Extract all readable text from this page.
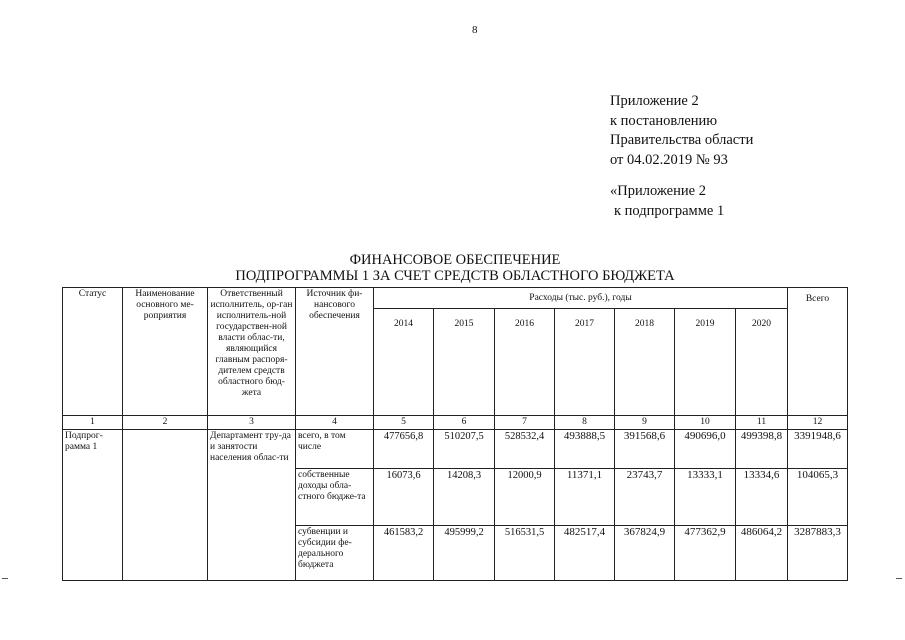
8
Приложение 2
к постановлению
Правительства области
от 04.02.2019 № 93
«Приложение 2
к подпрограмме 1
ФИНАНСОВОЕ ОБЕСПЕЧЕНИЕ
ПОДПРОГРАММЫ 1 ЗА СЧЕТ СРЕДСТВ ОБЛАСТНОГО БЮДЖЕТА
Статус	Наименование основного ме-роприятия	Ответственный исполнитель, ор-ган исполнитель-ной государствен-ной власти облас-ти, являющийся главным распоря-дителем средств областного бюд-жета	Источник фи-нансового обеспечения	Расходы (тыс. руб.), годы							Всего
				2014	2015	2016	2017	2018	2019	2020	
1	2	3	4	5	6	7	8	9	10	11	12
Подпрог-рамма 1		Департамент тру-да и занятости населения облас-ти	всего, в том числе	477656,8	510207,5	528532,4	493888,5	391568,6	490696,0	499398,8	3391948,6
			собственные доходы обла-стного бюдже-та	16073,6	14208,3	12000,9	11371,1	23743,7	13333,1	13334,6	104065,3
			субвенции и субсидии фе-дерального бюджета	461583,2	495999,2	516531,5	482517,4	367824,9	477362,9	486064,2	3287883,3
